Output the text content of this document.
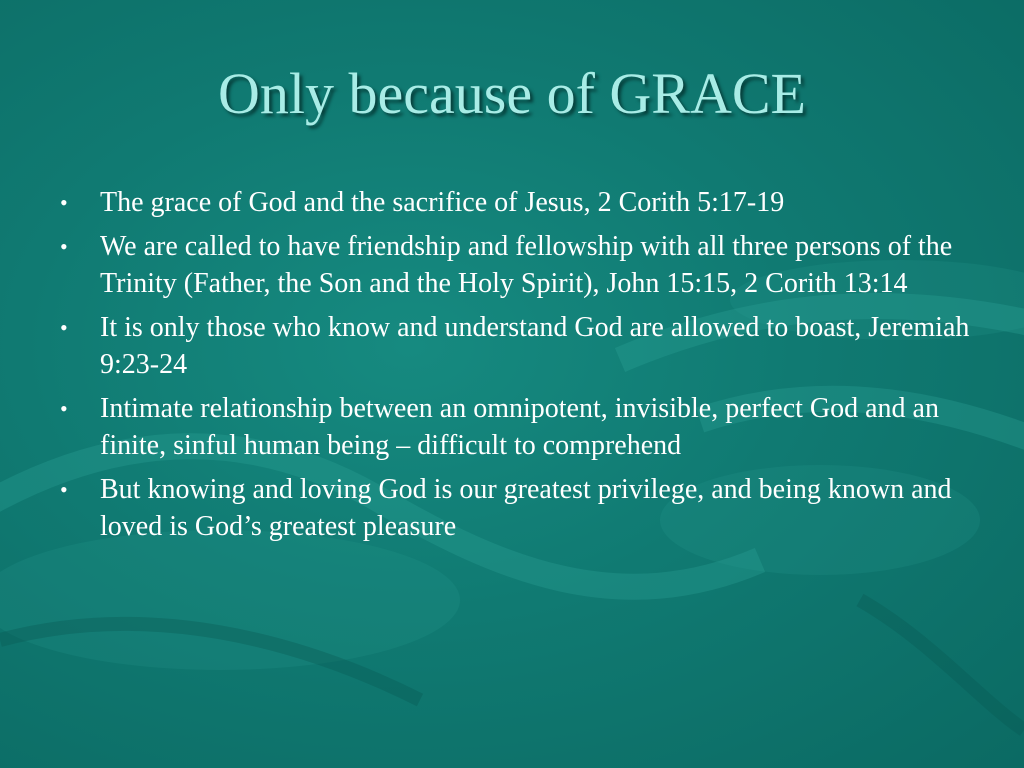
Only because of GRACE
• The grace of God and the sacrifice of Jesus, 2 Corith 5:17-19
• We are called to have friendship and fellowship with all three persons of the Trinity (Father, the Son and the Holy Spirit), John 15:15, 2 Corith 13:14
• It is only those who know and understand God are allowed to boast, Jeremiah 9:23-24
• Intimate relationship between an omnipotent, invisible, perfect God and an finite, sinful human being – difficult to comprehend
• But knowing and loving God is our greatest privilege, and being known and loved is God’s greatest pleasure
